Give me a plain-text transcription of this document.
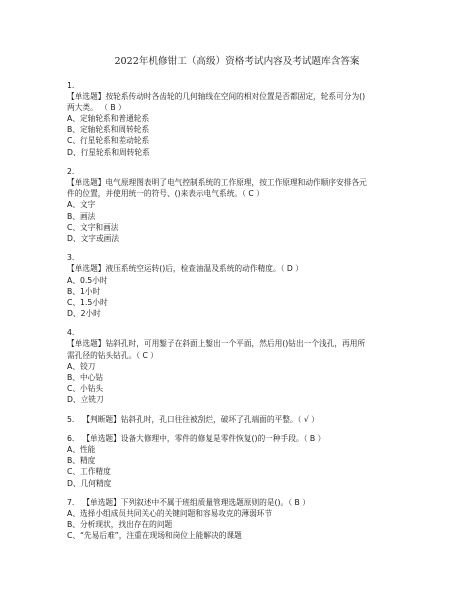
2022年机修钳工（高级）资格考试内容及考试题库含答案
1.
【单选题】按轮系传动时各齿轮的几何轴线在空间的相对位置是否都固定，轮系可分为()
两大类。 （ B ）
A、定轴轮系和普通轮系
B、定轴轮系和周转轮系
C、行星轮系和差动轮系
D、行星轮系和周转轮系
2.
【单选题】电气原理图表明了电气控制系统的工作原理，按工作原理和动作顺序安排各元
件的位置，并使用统一的符号、()来表示电气系统。（ C ）
A、文字
B、画法
C、文字和画法
D、文字或画法
3.
【单选题】液压系统空运转()后，检查油温及系统的动作精度。（ D ）
A、0.5小时
B、1小时
C、1.5小时
D、2小时
4.
【单选题】钻斜孔时，可用錾子在斜面上錾出一个平面，然后用()钻出一个浅孔，再用所
需孔径的钻头钻孔。（ C ）
A、铰刀
B、中心钻
C、小钻头
D、立铣刀
5. 【判断题】钻斜孔时，孔口往往被刮烂，破坏了孔端面的平整。（ √ ）
6. 【单选题】设备大修理中，零件的修复是零件恢复()的一种手段。（ B ）
A、性能
B、精度
C、工作精度
D、几何精度
7. 【单选题】下列叙述中不属于班组质量管理选题原则的是()。（ B ）
A、选择小组成员共同关心的关键问题和容易攻克的薄弱环节
B、分析现状，找出存在的问题
C、“先易后难”，注重在现场和岗位上能解决的课题
